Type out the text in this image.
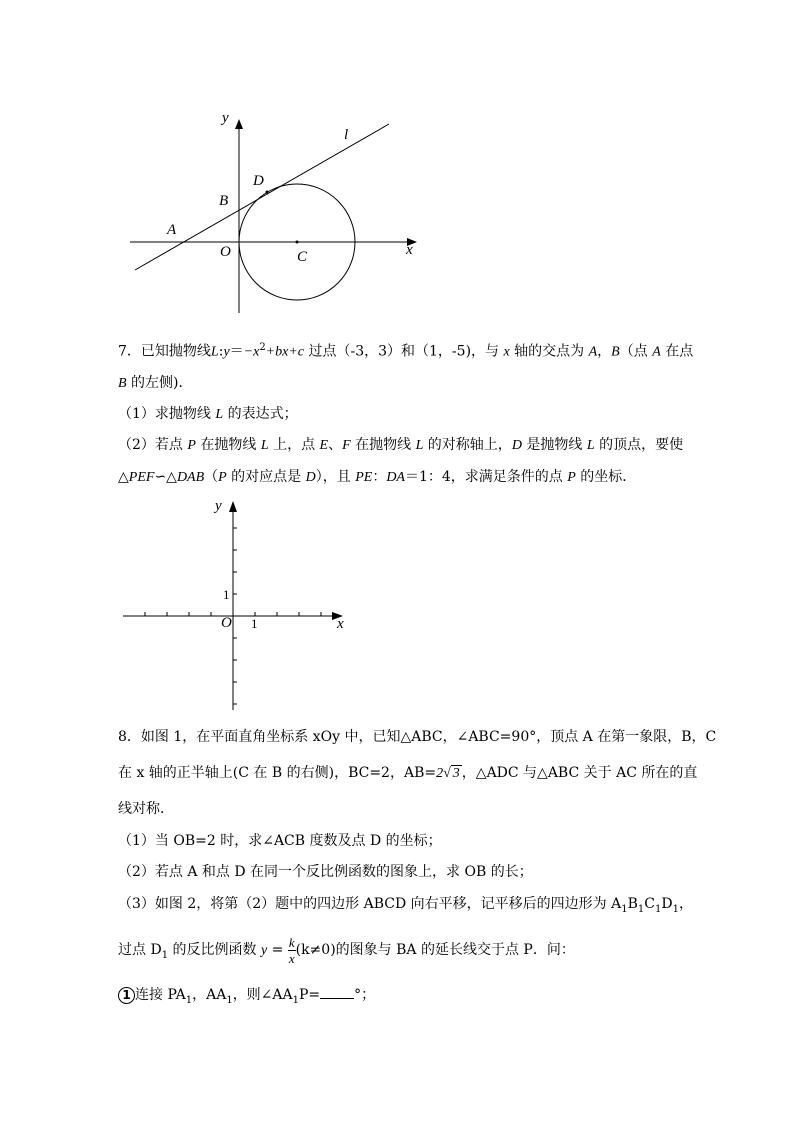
y
l
D
B
A
O	C	x
7．已知抛物线$L:y=-x^2+bx+c$ 过点（-3，3）和（1，-5)，与 x 轴的交点为 A，B（点 A 在点
B 的左侧)．
（1）求抛物线 L 的表达式；
（2）若点 P 在抛物线 L 上，点 E、F 在抛物线 L 的对称轴上，D 是抛物线 L 的顶点，要使
△PEF∽△DAB（P 的对应点是 D），且 PE：DA＝1：4，求满足条件的点 P 的坐标．
y
1
O 1	x
8．如图 1，在平面直角坐标系 xOy 中，已知△ABC，∠ABC=90°，顶点 A 在第一象限，B，C
在 x 轴的正半轴上(C 在 B 的右侧)，BC=2，AB=2√ 3 ，△ADC 与△ABC 关于 AC 所在的直
线对称．
（1）当 OB=2 时，求∠ACB 度数及点 D 的坐标；
（2）若点 A 和点 D 在同一个反比例函数的图象上，求 OB 的长；
（3）如图 2，将第（2）题中的四边形 ABCD 向右平移，记平移后的四边形为 $A_1B_1C_1D_1$，
过点 $D_1$ 的反比例函数 $y = \frac{k}{x} (k\ne 0)$的图象与 BA 的延长线交于点 P．问：
1 连接 $PA_1$，$AA_1$，则$\angle AA_1P=$ °；
